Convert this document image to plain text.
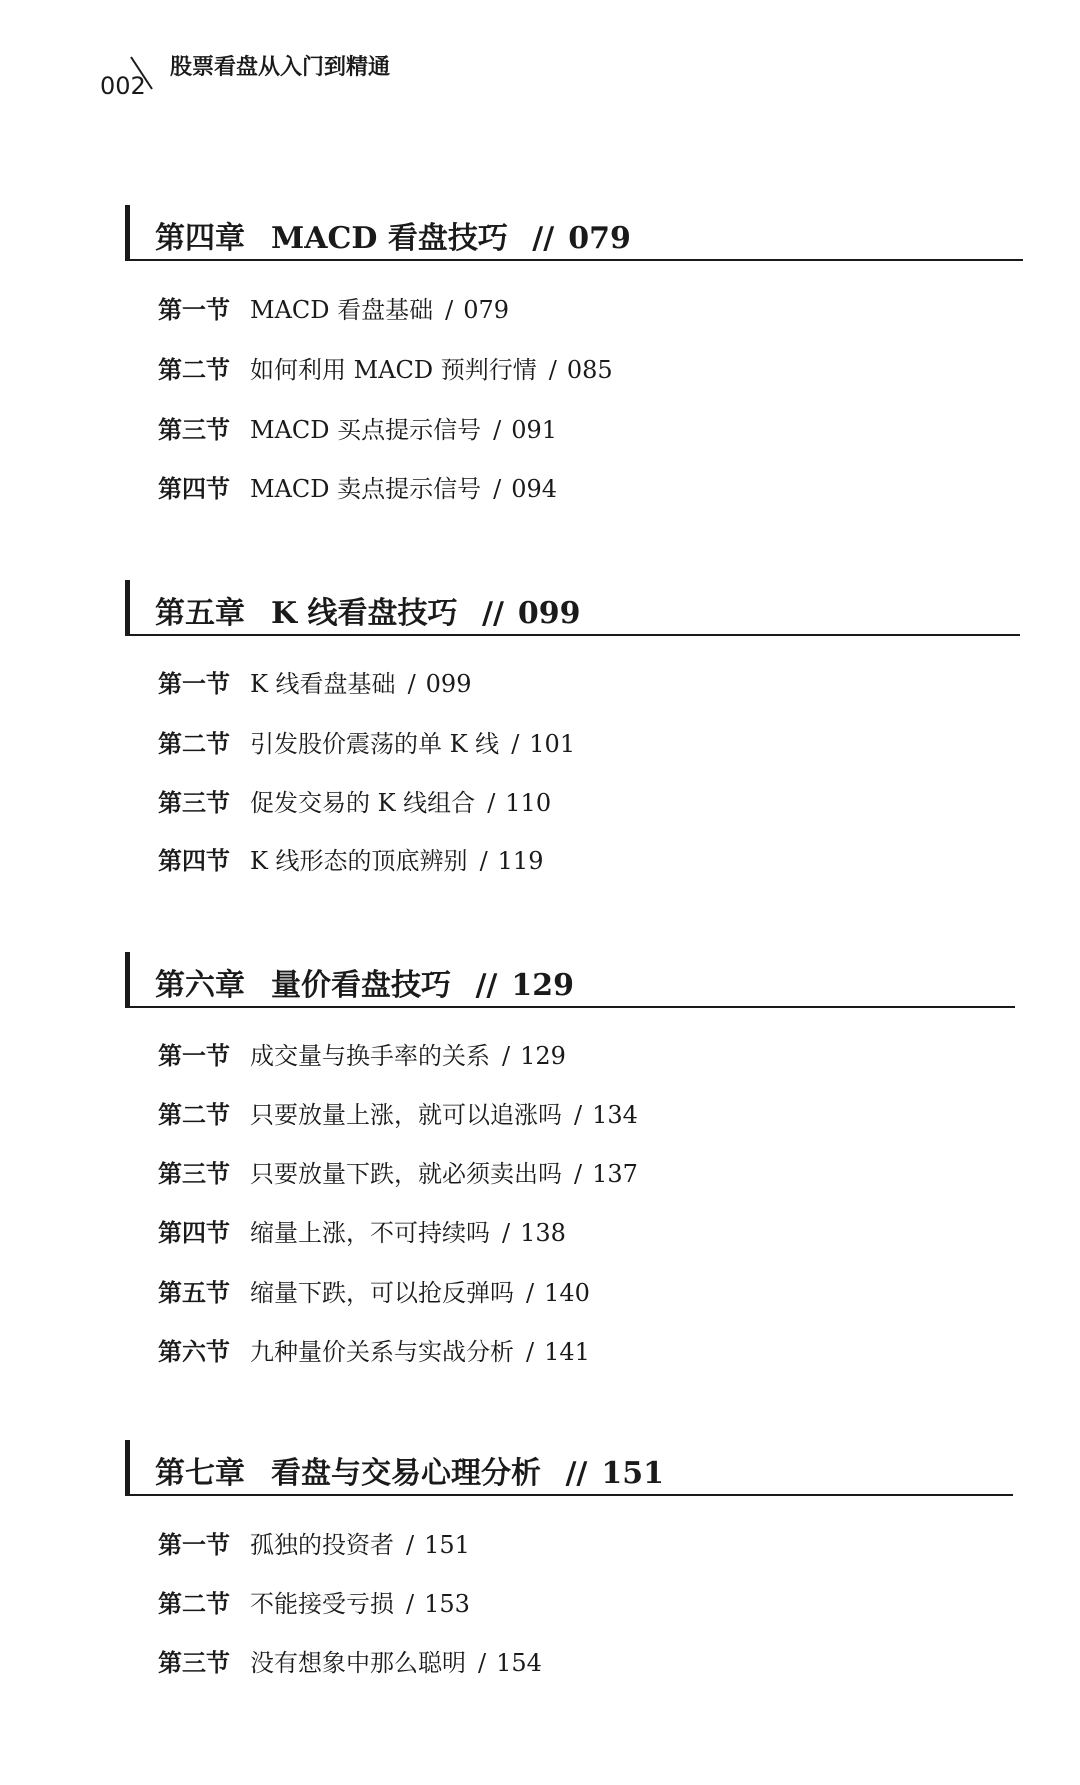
002
股票看盘从入门到精通
第四章 MACD 看盘技巧 // 079
第一节 MACD 看盘基础 / 079
第二节 如何利用 MACD 预判行情 / 085
第三节 MACD 买点提示信号 / 091
第四节 MACD 卖点提示信号 / 094
第五章 K 线看盘技巧 // 099
第一节 K 线看盘基础 / 099
第二节 引发股价震荡的单 K 线 / 101
第三节 促发交易的 K 线组合 / 110
第四节 K 线形态的顶底辨别 / 119
第六章 量价看盘技巧 // 129
第一节 成交量与换手率的关系 / 129
第二节 只要放量上涨，就可以追涨吗 / 134
第三节 只要放量下跌，就必须卖出吗 / 137
第四节 缩量上涨，不可持续吗 / 138
第五节 缩量下跌，可以抢反弹吗 / 140
第六节 九种量价关系与实战分析 / 141
第七章 看盘与交易心理分析 // 151
第一节 孤独的投资者 / 151
第二节 不能接受亏损 / 153
第三节 没有想象中那么聪明 / 154
